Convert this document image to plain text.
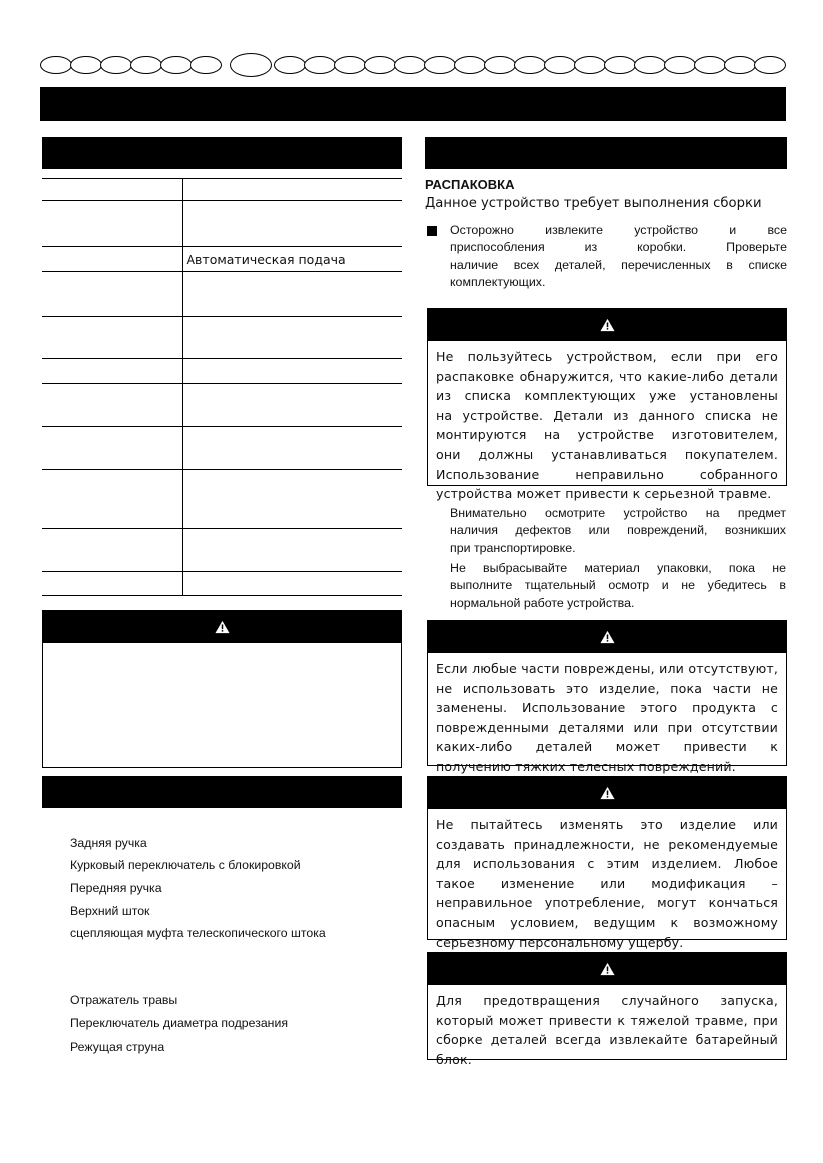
	Автоматическая подача

Задняя ручка
Курковый переключатель с блокировкой
Передняя ручка
Верхний шток
сцепляющая муфта телескопического штока
Отражатель травы
Переключатель диаметра подрезания
Режущая струна
РАСПАКОВКА
Данное устройство требует выполнения сборки
Осторожно извлеките устройство и все
приспособления из коробки. Проверьте
наличие всех деталей, перечисленных в списке
комплектующих.
Не пользуйтесь устройством, если при его
распаковке обнаружится, что какие-либо детали
из списка комплектующих уже установлены
на устройстве. Детали из данного списка не
монтируются на устройстве изготовителем,
они должны устанавливаться покупателем.
Использование неправильно собранного
устройства может привести к серьезной травме.
Внимательно осмотрите устройство на предмет
наличия дефектов или повреждений, возникших
при транспортировке.
Не выбрасывайте материал упаковки, пока не
выполните тщательный осмотр и не убедитесь в
нормальной работе устройства.
Если любые части повреждены, или отсутствуют,
не использовать это изделие, пока части не
заменены. Использование этого продукта с
поврежденными деталями или при отсутствии
каких-либо деталей может привести к
получению тяжких телесных повреждений.
Не пытайтесь изменять это изделие или
создавать принадлежности, не рекомендуемые
для использования с этим изделием. Любое
такое изменение или модификация –
неправильное употребление, могут кончаться
опасным условием, ведущим к возможному
серьезному персональному ущербу.
Для предотвращения случайного запуска,
который может привести к тяжелой травме, при
сборке деталей всегда извлекайте батарейный
блок.
